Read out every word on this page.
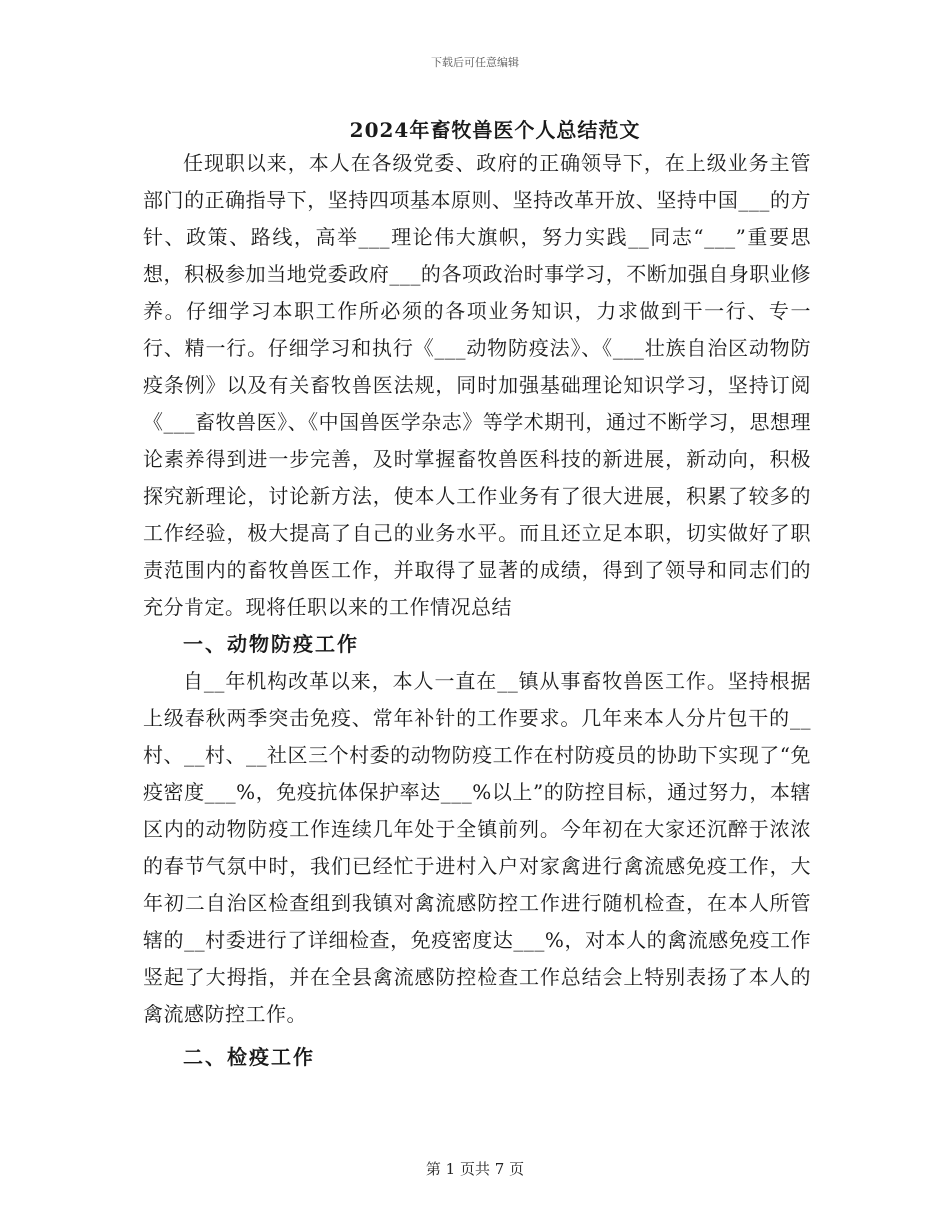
下载后可任意编辑
2024年畜牧兽医个人总结范文

任现职以来，本人在各级党委、政府的正确领导下，在上级业务主管部门的正确指导下，坚持四项基本原则、坚持改革开放、坚持中国___的方针、政策、路线，高举___理论伟大旗帜，努力实践__同志“___”重要思想，积极参加当地党委政府___的各项政治时事学习，不断加强自身职业修养。仔细学习本职工作所必须的各项业务知识，力求做到干一行、专一行、精一行。仔细学习和执行《___动物防疫法》、《___壮族自治区动物防疫条例》以及有关畜牧兽医法规，同时加强基础理论知识学习，坚持订阅《___畜牧兽医》、《中国兽医学杂志》等学术期刊，通过不断学习，思想理论素养得到进一步完善，及时掌握畜牧兽医科技的新进展，新动向，积极探究新理论，讨论新方法，使本人工作业务有了很大进展，积累了较多的工作经验，极大提高了自己的业务水平。而且还立足本职，切实做好了职责范围内的畜牧兽医工作，并取得了显著的成绩，得到了领导和同志们的充分肯定。现将任职以来的工作情况总结

一、动物防疫工作

自__年机构改革以来，本人一直在__镇从事畜牧兽医工作。坚持根据上级春秋两季突击免疫、常年补针的工作要求。几年来本人分片包干的__村、__村、__社区三个村委的动物防疫工作在村防疫员的协助下实现了“免疫密度___%，免疫抗体保护率达___%以上”的防控目标，通过努力，本辖区内的动物防疫工作连续几年处于全镇前列。今年初在大家还沉醉于浓浓的春节气氛中时，我们已经忙于进村入户对家禽进行禽流感免疫工作，大年初二自治区检查组到我镇对禽流感防控工作进行随机检查，在本人所管辖的__村委进行了详细检查，免疫密度达___%，对本人的禽流感免疫工作竖起了大拇指，并在全县禽流感防控检查工作总结会上特别表扬了本人的禽流感防控工作。

二、检疫工作
第 1 页共 7 页
